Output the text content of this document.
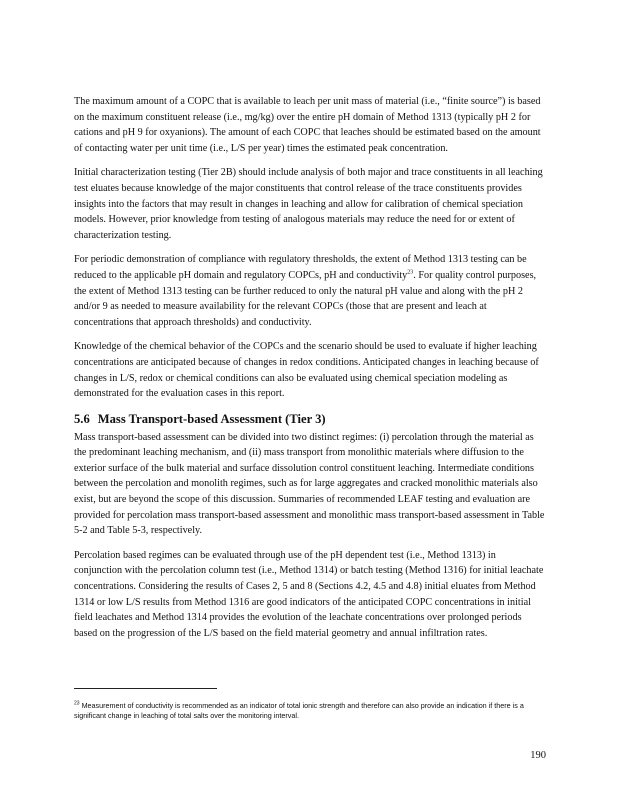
The maximum amount of a COPC that is available to leach per unit mass of material (i.e., “finite source”) is based on the maximum constituent release (i.e., mg/kg) over the entire pH domain of Method 1313 (typically pH 2 for cations and pH 9 for oxyanions). The amount of each COPC that leaches should be estimated based on the amount of contacting water per unit time (i.e., L/S per year) times the estimated peak concentration.

Initial characterization testing (Tier 2B) should include analysis of both major and trace constituents in all leaching test eluates because knowledge of the major constituents that control release of the trace constituents provides insights into the factors that may result in changes in leaching and allow for calibration of chemical speciation models. However, prior knowledge from testing of analogous materials may reduce the need for or extent of characterization testing.

For periodic demonstration of compliance with regulatory thresholds, the extent of Method 1313 testing can be reduced to the applicable pH domain and regulatory COPCs, pH and conductivity$^{23}$. For quality control purposes, the extent of Method 1313 testing can be further reduced to only the natural pH value and along with the pH 2 and/or 9 as needed to measure availability for the relevant COPCs (those that are present and leach at concentrations that approach thresholds) and conductivity.

Knowledge of the chemical behavior of the COPCs and the scenario should be used to evaluate if higher leaching concentrations are anticipated because of changes in redox conditions. Anticipated changes in leaching because of changes in L/S, redox or chemical conditions can also be evaluated using chemical speciation modeling as demonstrated for the evaluation cases in this report.

5.6 Mass Transport‑based Assessment (Tier 3)

Mass transport‑based assessment can be divided into two distinct regimes: (i) percolation through the material as the predominant leaching mechanism, and (ii) mass transport from monolithic materials where diffusion to the exterior surface of the bulk material and surface dissolution control constituent leaching. Intermediate conditions between the percolation and monolith regimes, such as for large aggregates and cracked monolithic materials also exist, but are beyond the scope of this discussion. Summaries of recommended LEAF testing and evaluation are provided for percolation mass transport‑based assessment and monolithic mass transport‑based assessment in Table 5‑2 and Table 5‑3, respectively.

Percolation based regimes can be evaluated through use of the pH dependent test (i.e., Method 1313) in conjunction with the percolation column test (i.e., Method 1314) or batch testing (Method 1316) for initial leachate concentrations. Considering the results of Cases 2, 5 and 8 (Sections 4.2, 4.5 and 4.8) initial eluates from Method 1314 or low L/S results from Method 1316 are good indicators of the anticipated COPC concentrations in initial field leachates and Method 1314 provides the evolution of the leachate concentrations over prolonged periods based on the progression of the L/S based on the field material geometry and annual infiltration rates.

$^{23}$ Measurement of conductivity is recommended as an indicator of total ionic strength and therefore can also provide an indication if there is a significant change in leaching of total salts over the monitoring interval.

190
